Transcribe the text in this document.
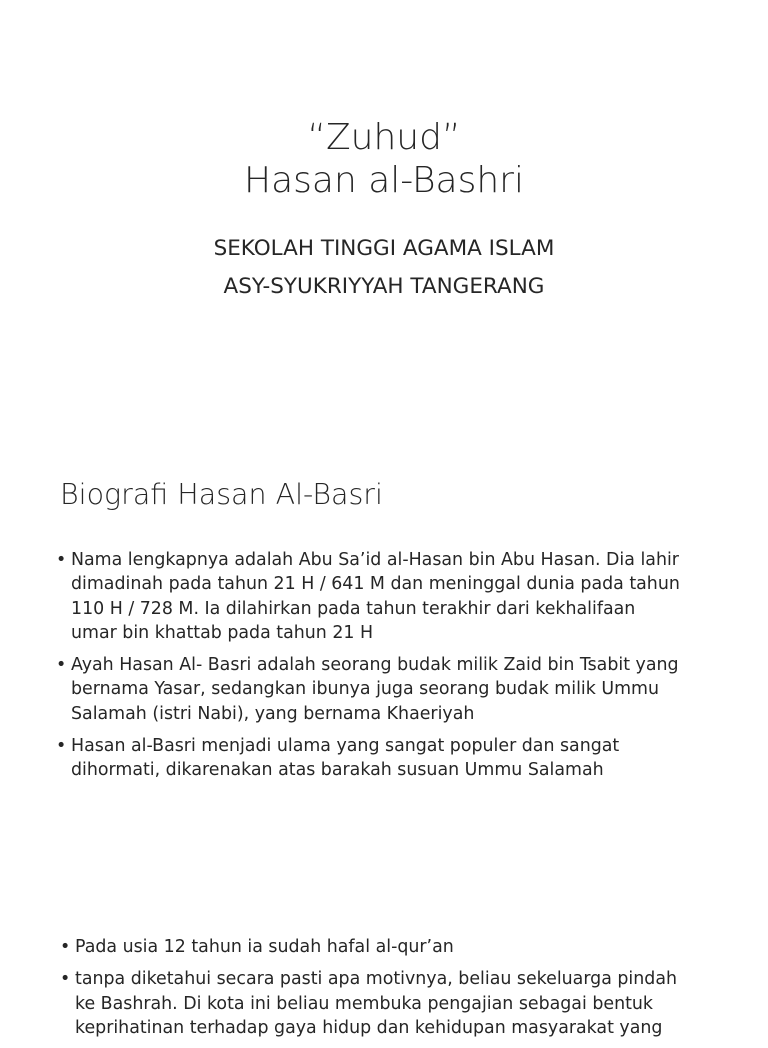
“Zuhud”
Hasan al-Bashri
SEKOLAH TINGGI AGAMA ISLAM
ASY-SYUKRIYYAH TANGERANG
Biografi Hasan Al-Basri
• Nama lengkapnya adalah Abu Sa’id al-Hasan bin Abu Hasan. Dia lahir
dimadinah pada tahun 21 H / 641 M dan meninggal dunia pada tahun
110 H / 728 M. Ia dilahirkan pada tahun terakhir dari kekhalifaan
umar bin khattab pada tahun 21 H
• Ayah Hasan Al- Basri adalah seorang budak milik Zaid bin Tsabit yang
bernama Yasar, sedangkan ibunya juga seorang budak milik Ummu
Salamah (istri Nabi), yang bernama Khaeriyah
• Hasan al-Basri menjadi ulama yang sangat populer dan sangat
dihormati, dikarenakan atas barakah susuan Ummu Salamah
• Pada usia 12 tahun ia sudah hafal al-qur’an
• tanpa diketahui secara pasti apa motivnya, beliau sekeluarga pindah
ke Bashrah. Di kota ini beliau membuka pengajian sebagai bentuk
keprihatinan terhadap gaya hidup dan kehidupan masyarakat yang
